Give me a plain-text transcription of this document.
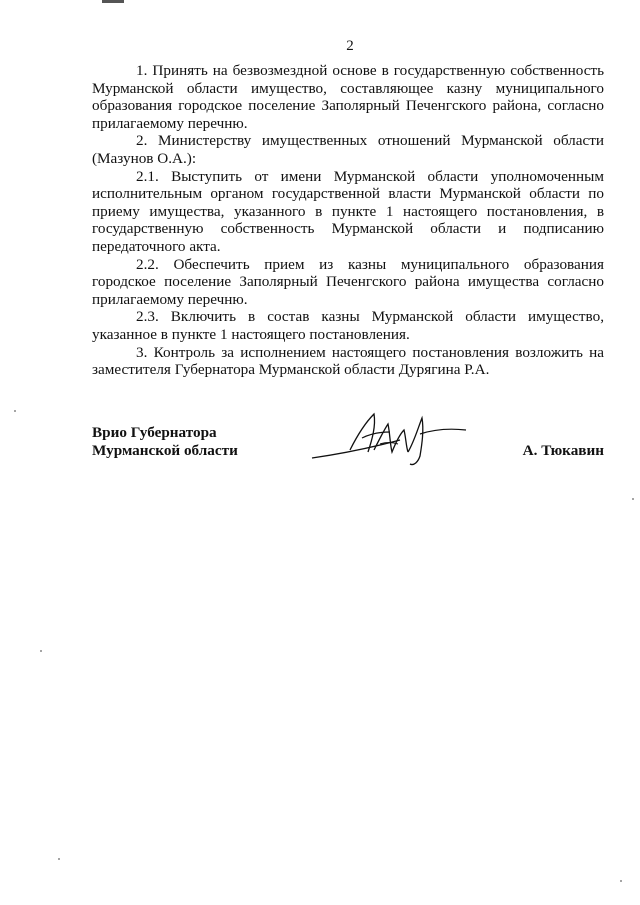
2

1. Принять на безвозмездной основе в государственную собственность Мурманской области имущество, составляющее казну муниципального образования городское поселение Заполярный Печенгского района, согласно прилагаемому перечню.

2. Министерству имущественных отношений Мурманской области (Мазунов О.А.):

2.1. Выступить от имени Мурманской области уполномоченным исполнительным органом государственной власти Мурманской области по приему имущества, указанного в пункте 1 настоящего постановления, в государственную собственность Мурманской области и подписанию передаточного акта.

2.2. Обеспечить прием из казны муниципального образования городское поселение Заполярный Печенгского района имущества согласно прилагаемому перечню.

2.3. Включить в состав казны Мурманской области имущество, указанное в пункте 1 настоящего постановления.

3. Контроль за исполнением настоящего постановления возложить на заместителя Губернатора Мурманской области Дурягина Р.А.

Врио Губернатора
Мурманской области	А. Тюкавин
